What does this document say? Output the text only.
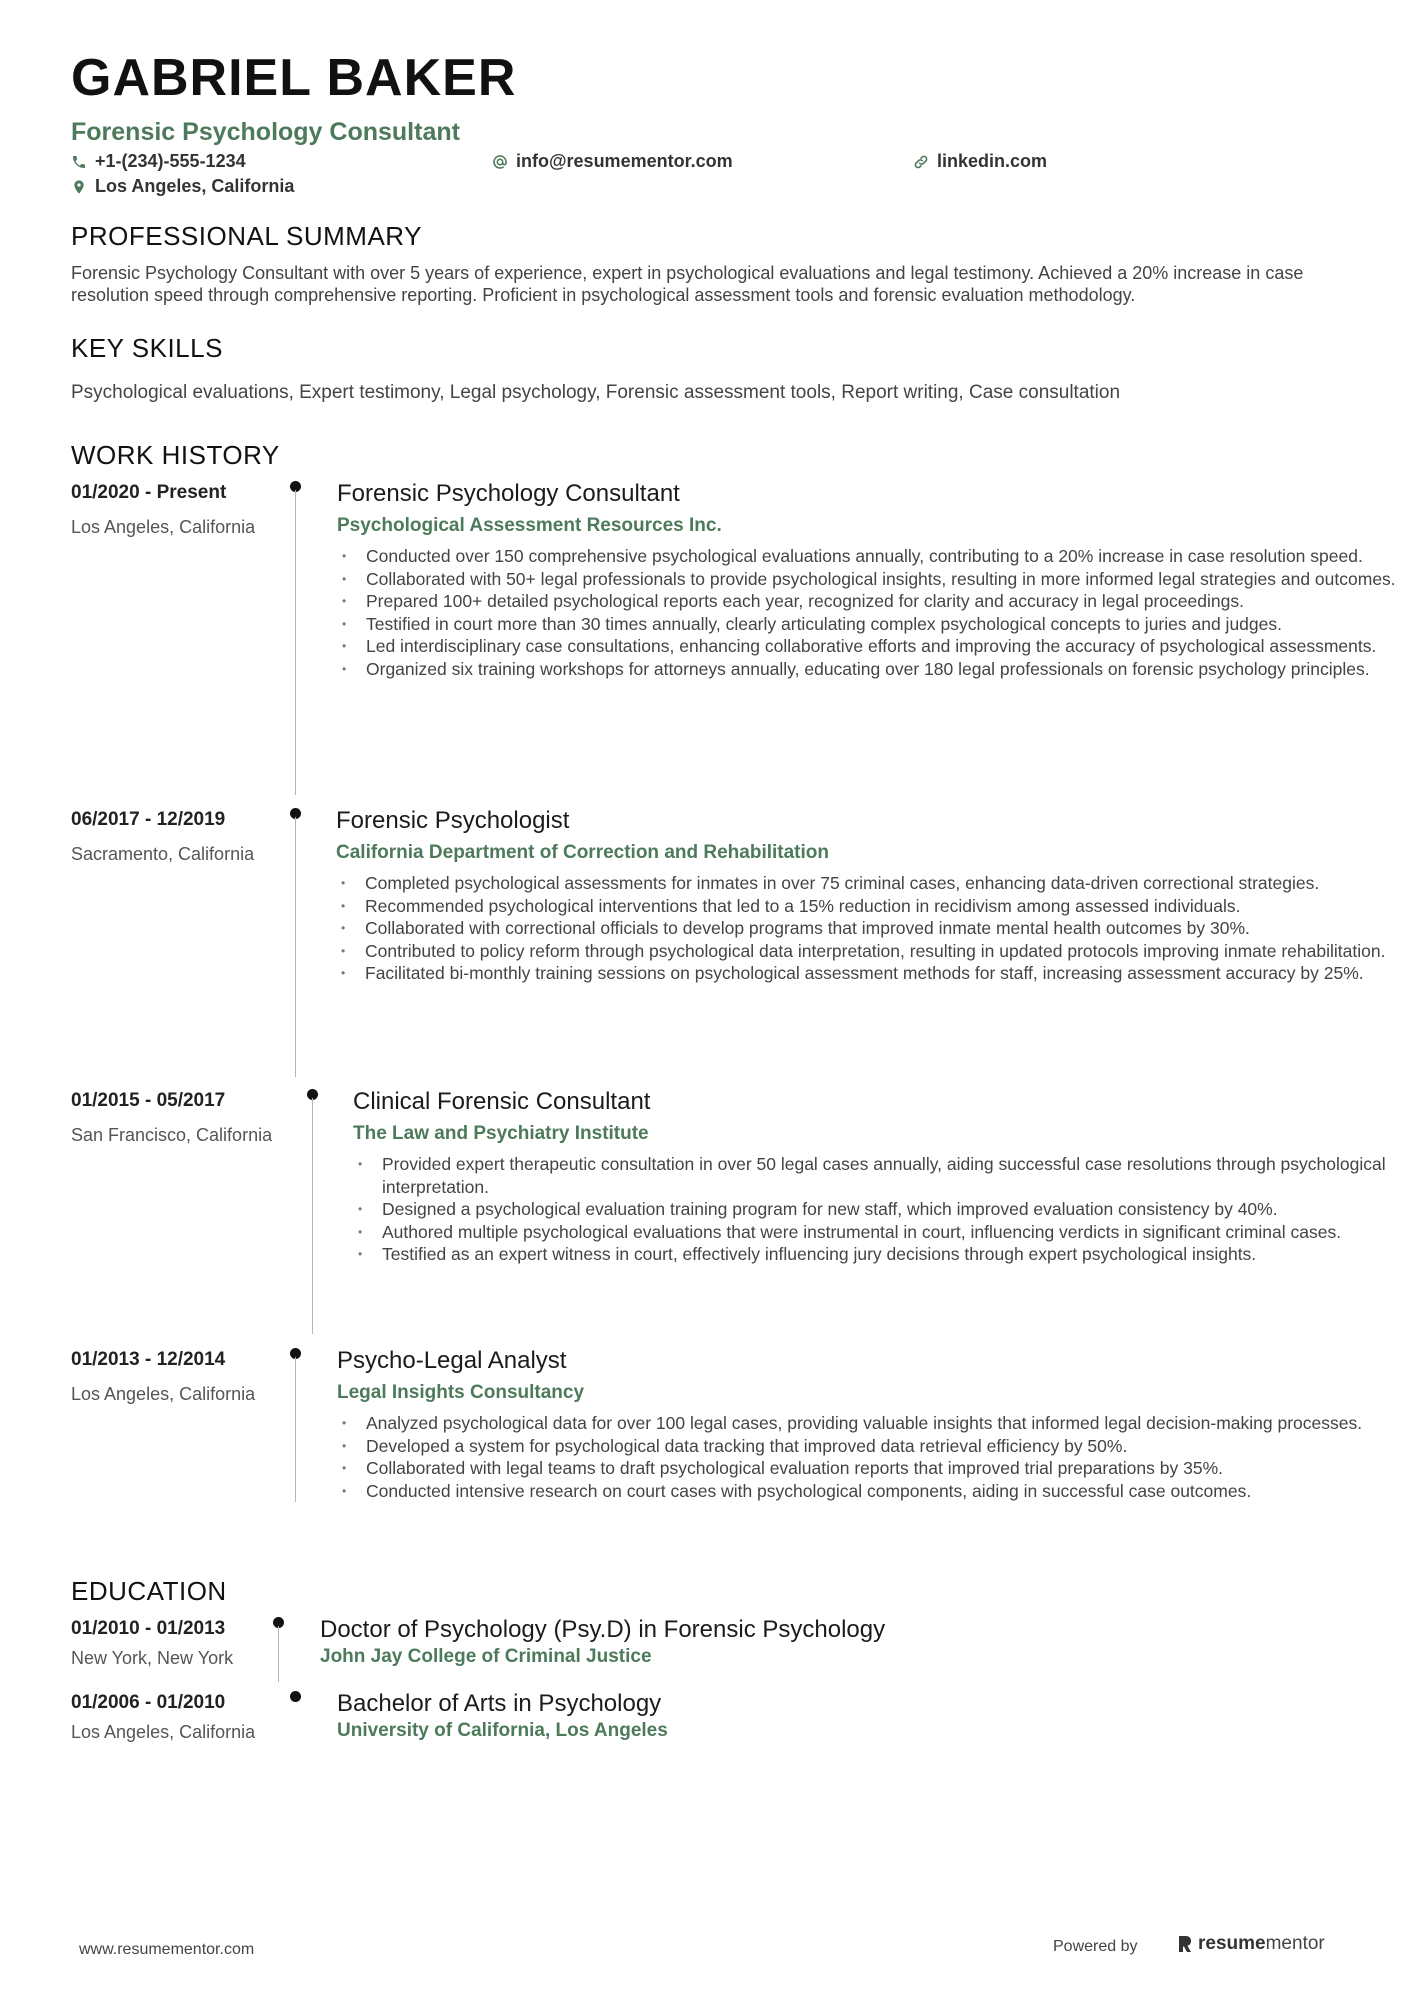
GABRIEL BAKER
Forensic Psychology Consultant
+1-(234)-555-1234	info@resumementor.com	linkedin.com
Los Angeles, California
PROFESSIONAL SUMMARY
Forensic Psychology Consultant with over 5 years of experience, expert in psychological evaluations and legal testimony. Achieved a 20% increase in case resolution speed through comprehensive reporting. Proficient in psychological assessment tools and forensic evaluation methodology.
KEY SKILLS
Psychological evaluations, Expert testimony, Legal psychology, Forensic assessment tools, Report writing, Case consultation
WORK HISTORY
01/2020 - Present
Los Angeles, California
Forensic Psychology Consultant
Psychological Assessment Resources Inc.
• Conducted over 150 comprehensive psychological evaluations annually, contributing to a 20% increase in case resolution speed.
• Collaborated with 50+ legal professionals to provide psychological insights, resulting in more informed legal strategies and outcomes.
• Prepared 100+ detailed psychological reports each year, recognized for clarity and accuracy in legal proceedings.
• Testified in court more than 30 times annually, clearly articulating complex psychological concepts to juries and judges.
• Led interdisciplinary case consultations, enhancing collaborative efforts and improving the accuracy of psychological assessments.
• Organized six training workshops for attorneys annually, educating over 180 legal professionals on forensic psychology principles.
06/2017 - 12/2019
Sacramento, California
Forensic Psychologist
California Department of Correction and Rehabilitation
• Completed psychological assessments for inmates in over 75 criminal cases, enhancing data-driven correctional strategies.
• Recommended psychological interventions that led to a 15% reduction in recidivism among assessed individuals.
• Collaborated with correctional officials to develop programs that improved inmate mental health outcomes by 30%.
• Contributed to policy reform through psychological data interpretation, resulting in updated protocols improving inmate rehabilitation.
• Facilitated bi-monthly training sessions on psychological assessment methods for staff, increasing assessment accuracy by 25%.
01/2015 - 05/2017
San Francisco, California
Clinical Forensic Consultant
The Law and Psychiatry Institute
• Provided expert therapeutic consultation in over 50 legal cases annually, aiding successful case resolutions through psychological interpretation.
• Designed a psychological evaluation training program for new staff, which improved evaluation consistency by 40%.
• Authored multiple psychological evaluations that were instrumental in court, influencing verdicts in significant criminal cases.
• Testified as an expert witness in court, effectively influencing jury decisions through expert psychological insights.
01/2013 - 12/2014
Los Angeles, California
Psycho-Legal Analyst
Legal Insights Consultancy
• Analyzed psychological data for over 100 legal cases, providing valuable insights that informed legal decision-making processes.
• Developed a system for psychological data tracking that improved data retrieval efficiency by 50%.
• Collaborated with legal teams to draft psychological evaluation reports that improved trial preparations by 35%.
• Conducted intensive research on court cases with psychological components, aiding in successful case outcomes.
EDUCATION
01/2010 - 01/2013
New York, New York
Doctor of Psychology (Psy.D) in Forensic Psychology
John Jay College of Criminal Justice
01/2006 - 01/2010
Los Angeles, California
Bachelor of Arts in Psychology
University of California, Los Angeles
www.resumementor.com	Powered by	resume mentor
